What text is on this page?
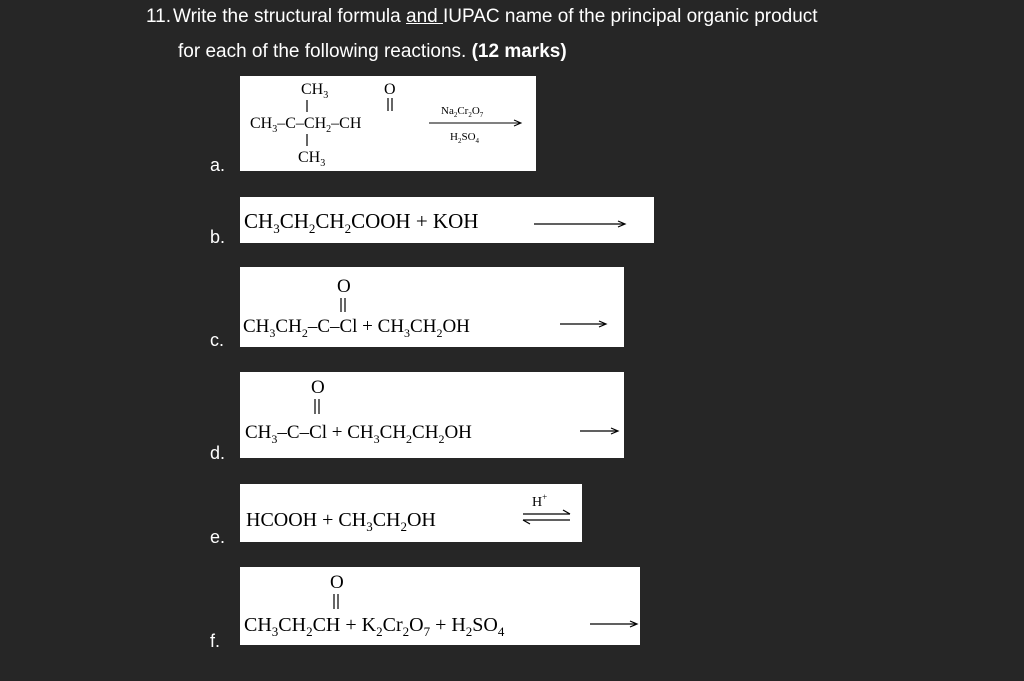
11. Write the structural formula and IUPAC name of the principal organic product
for each of the following reactions. (12 marks)
a.
b.
c.
d.
e.
f.
$CH_3$	O
$CH_3-C-CH_2-CH$
$CH_3$
$Na_2Cr_2O_7$
$H_2SO_4$
$CH_3CH_2CH_2COOH$ + KOH
O
$CH_3CH_2-C-Cl + CH_3CH_2OH$
O
$CH_3-C-Cl + CH_3CH_2CH_2OH$
HCOOH + $CH_3CH_2OH$
H+
O
$CH_3CH_2CH + K_2Cr_2O_7 + H_2SO_4$
